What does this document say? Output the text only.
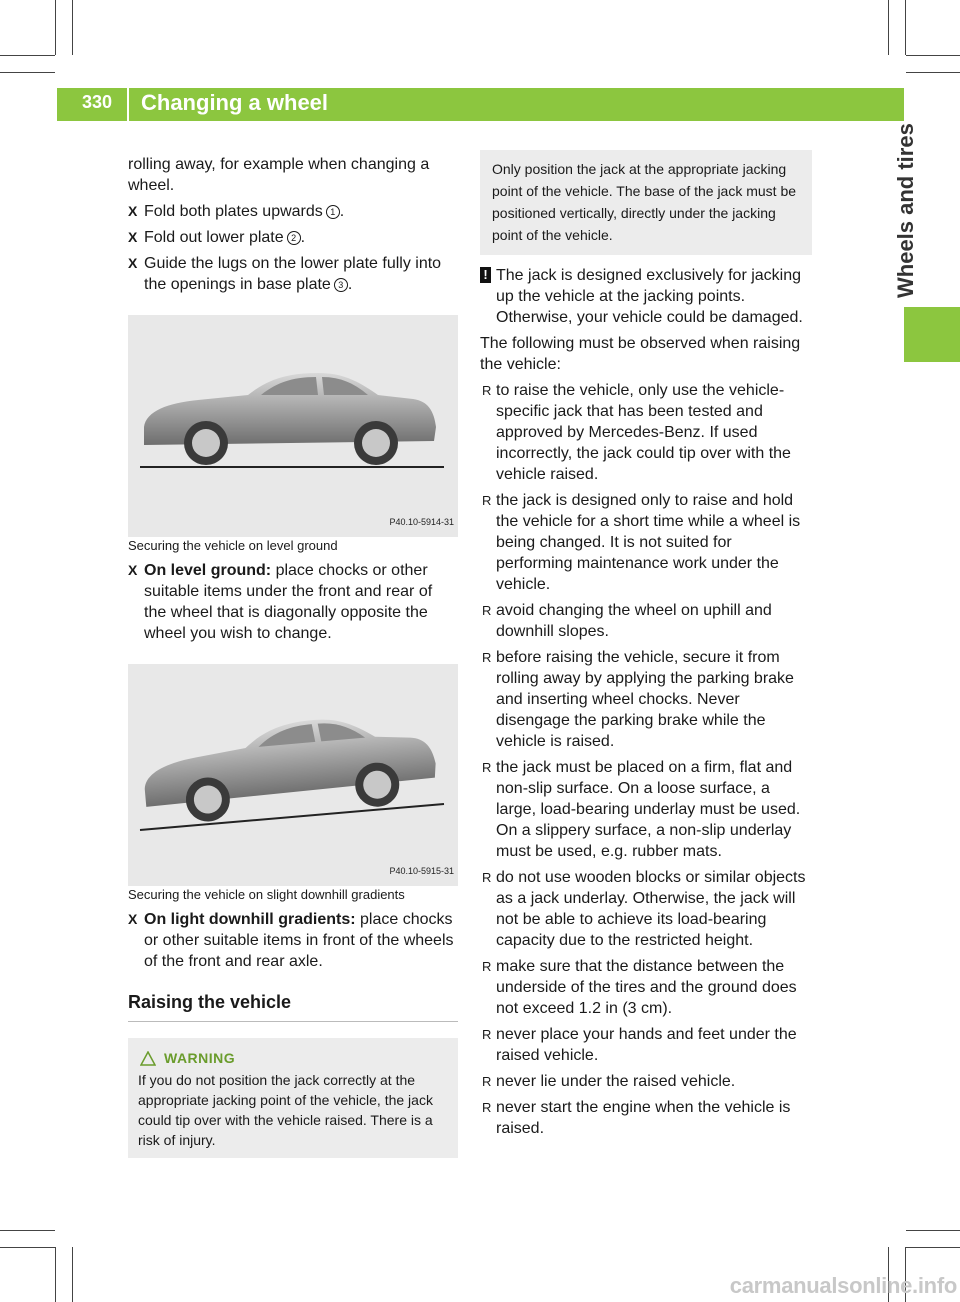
330	Changing a wheel
Wheels and tires

rolling away, for example when changing a wheel.

X Fold both plates upwards 1 .
X Fold out lower plate 2 .
X Guide the lugs on the lower plate fully into the openings in base plate 3 .
P40.10-5914-31

Securing the vehicle on level ground

X On level ground: place chocks or other suitable items under the front and rear of the wheel that is diagonally opposite the wheel you wish to change.
P40.10-5915-31

Securing the vehicle on slight downhill gradients

X On light downhill gradients: place chocks or other suitable items in front of the wheels of the front and rear axle.
Raising the vehicle
WARNING

If you do not position the jack correctly at the appropriate jacking point of the vehicle, the jack could tip over with the vehicle raised. There is a risk of injury.

Only position the jack at the appropriate jacking point of the vehicle. The base of the jack must be positioned vertically, directly under the jacking point of the vehicle.
! The jack is designed exclusively for jacking up the vehicle at the jacking points. Otherwise, your vehicle could be damaged.

The following must be observed when raising the vehicle:

R to raise the vehicle, only use the vehicle-specific jack that has been tested and approved by Mercedes-Benz. If used incorrectly, the jack could tip over with the vehicle raised.
R the jack is designed only to raise and hold the vehicle for a short time while a wheel is being changed. It is not suited for performing maintenance work under the vehicle.
R avoid changing the wheel on uphill and downhill slopes.
R before raising the vehicle, secure it from rolling away by applying the parking brake and inserting wheel chocks. Never disengage the parking brake while the vehicle is raised.
R the jack must be placed on a firm, flat and non-slip surface. On a loose surface, a large, load-bearing underlay must be used. On a slippery surface, a non-slip underlay must be used, e.g. rubber mats.
R do not use wooden blocks or similar objects as a jack underlay. Otherwise, the jack will not be able to achieve its load-bearing capacity due to the restricted height.
R make sure that the distance between the underside of the tires and the ground does not exceed 1.2 in (3 cm).
R never place your hands and feet under the raised vehicle.
R never lie under the raised vehicle.
R never start the engine when the vehicle is raised.
carmanualsonline.info
